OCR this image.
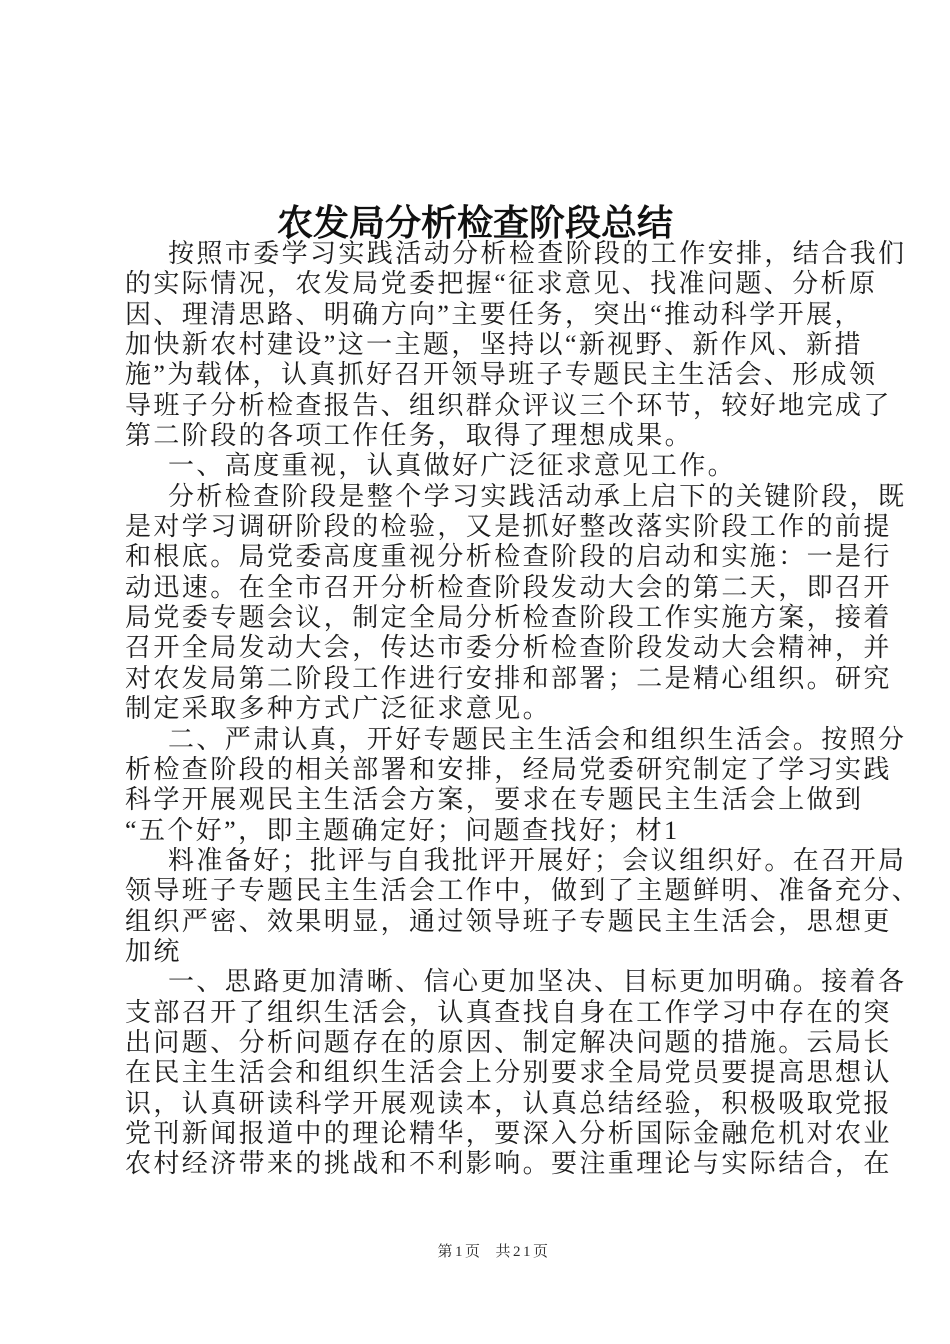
农发局分析检查阶段总结
按照市委学习实践活动分析检查阶段的工作安排，结合我们
的实际情况，农发局党委把握“征求意见、找准问题、分析原
因、理清思路、明确方向”主要任务，突出“推动科学开展，
加快新农村建设”这一主题，坚持以“新视野、新作风、新措
施”为载体，认真抓好召开领导班子专题民主生活会、形成领
导班子分析检查报告、组织群众评议三个环节，较好地完成了
第二阶段的各项工作任务，取得了理想成果。
一、高度重视，认真做好广泛征求意见工作。
分析检查阶段是整个学习实践活动承上启下的关键阶段，既
是对学习调研阶段的检验，又是抓好整改落实阶段工作的前提
和根底。局党委高度重视分析检查阶段的启动和实施：一是行
动迅速。在全市召开分析检查阶段发动大会的第二天，即召开
局党委专题会议，制定全局分析检查阶段工作实施方案，接着
召开全局发动大会，传达市委分析检查阶段发动大会精神，并
对农发局第二阶段工作进行安排和部署；二是精心组织。研究
制定采取多种方式广泛征求意见。
二、严肃认真，开好专题民主生活会和组织生活会。按照分
析检查阶段的相关部署和安排，经局党委研究制定了学习实践
科学开展观民主生活会方案，要求在专题民主生活会上做到
“五个好”，即主题确定好；问题查找好；材1
料准备好；批评与自我批评开展好；会议组织好。在召开局
领导班子专题民主生活会工作中，做到了主题鲜明、准备充分、
组织严密、效果明显，通过领导班子专题民主生活会，思想更
加统
一、思路更加清晰、信心更加坚决、目标更加明确。接着各
支部召开了组织生活会，认真查找自身在工作学习中存在的突
出问题、分析问题存在的原因、制定解决问题的措施。云局长
在民主生活会和组织生活会上分别要求全局党员要提高思想认
识，认真研读科学开展观读本，认真总结经验，积极吸取党报
党刊新闻报道中的理论精华，要深入分析国际金融危机对农业
农村经济带来的挑战和不利影响。要注重理论与实际结合，在
第1页 共21页
